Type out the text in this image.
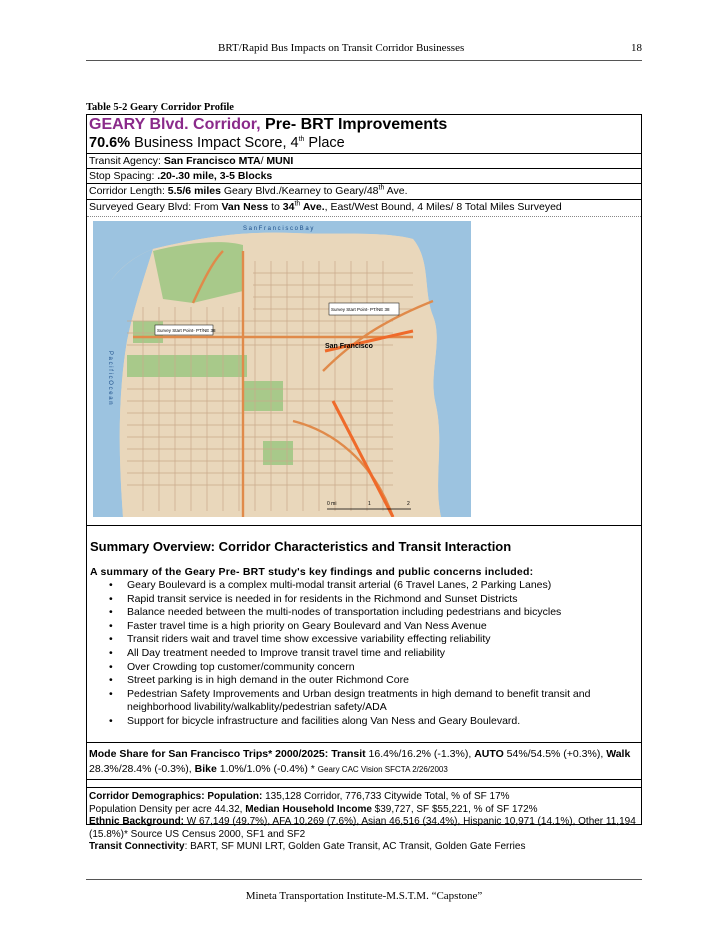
BRT/Rapid Bus Impacts on Transit Corridor Businesses	18
Table 5-2 Geary Corridor Profile
GEARY Blvd. Corridor, Pre- BRT Improvements
70.6% Business Impact Score, 4th Place
Transit Agency: San Francisco MTA/ MUNI
Stop Spacing: .20-.30 mile, 3-5 Blocks
Corridor Length: 5.5/6 miles Geary Blvd./Kearney to Geary/48th Ave.
Surveyed Geary Blvd: From Van Ness to 34th Ave., East/West Bound, 4 Miles/ 8 Total Miles Surveyed
S a n F r a n c i s c o B a y
San Francisco
P a c i f i c O c e a n
Survey Start Point- PT/NE 38
Survey Start Point- PT/NE 38
0 mi	1	2
Summary Overview: Corridor Characteristics and Transit Interaction
A summary of the Geary Pre- BRT study's key findings and public concerns included:
• Geary Boulevard is a complex multi-modal transit arterial (6 Travel Lanes, 2 Parking Lanes)
• Rapid transit service is needed in for residents in the Richmond and Sunset Districts
• Balance needed between the multi-nodes of transportation including pedestrians and bicycles
• Faster travel time is a high priority on Geary Boulevard and Van Ness Avenue
• Transit riders wait and travel time show excessive variability effecting reliability
• All Day treatment needed to Improve transit travel time and reliability
• Over Crowding top customer/community concern
• Street parking is in high demand in the outer Richmond Core
• Pedestrian Safety Improvements and Urban design treatments in high demand to benefit transit and neighborhood livability/walkablity/pedestrian safety/ADA
• Support for bicycle infrastructure and facilities along Van Ness and Geary Boulevard.
Mode Share for San Francisco Trips* 2000/2025: Transit 16.4%/16.2% (-1.3%), AUTO 54%/54.5% (+0.3%), Walk 28.3%/28.4% (-0.3%), Bike 1.0%/1.0% (-0.4%) * Geary CAC Vision SFCTA 2/26/2003
Corridor Demographics: Population: 135,128 Corridor, 776,733 Citywide Total, % of SF 17%
Population Density per acre 44.32, Median Household Income $39,727, SF $55,221, % of SF 172%
Ethnic Background: W 67,149 (49.7%), AFA 10,269 (7.6%), Asian 46,516 (34.4%), Hispanic 10,971 (14.1%), Other 11,194 (15.8%)* Source US Census 2000, SF1 and SF2
Transit Connectivity: BART, SF MUNI LRT, Golden Gate Transit, AC Transit, Golden Gate Ferries
Mineta Transportation Institute-M.S.T.M. “Capstone”
